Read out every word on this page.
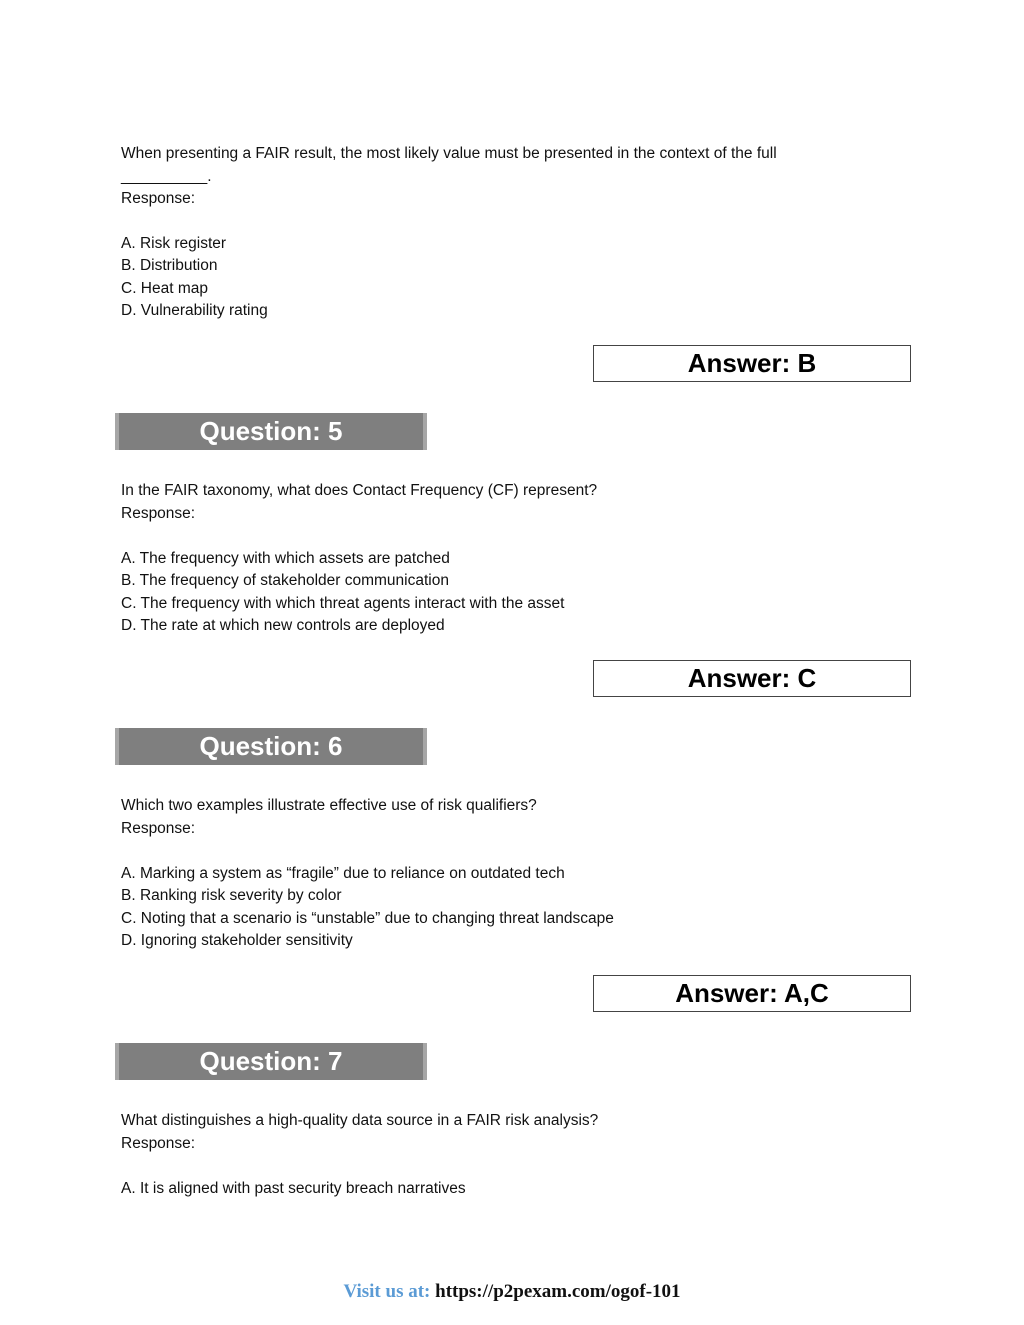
When presenting a FAIR result, the most likely value must be presented in the context of the full
__________.
Response:
A. Risk register
B. Distribution
C. Heat map
D. Vulnerability rating
Answer: B
Question: 5
In the FAIR taxonomy, what does Contact Frequency (CF) represent?
Response:
A. The frequency with which assets are patched
B. The frequency of stakeholder communication
C. The frequency with which threat agents interact with the asset
D. The rate at which new controls are deployed
Answer: C
Question: 6
Which two examples illustrate effective use of risk qualifiers?
Response:
A. Marking a system as “fragile” due to reliance on outdated tech
B. Ranking risk severity by color
C. Noting that a scenario is “unstable” due to changing threat landscape
D. Ignoring stakeholder sensitivity
Answer: A,C
Question: 7
What distinguishes a high-quality data source in a FAIR risk analysis?
Response:
A. It is aligned with past security breach narratives
Visit us at: https://p2pexam.com/ogof-101
